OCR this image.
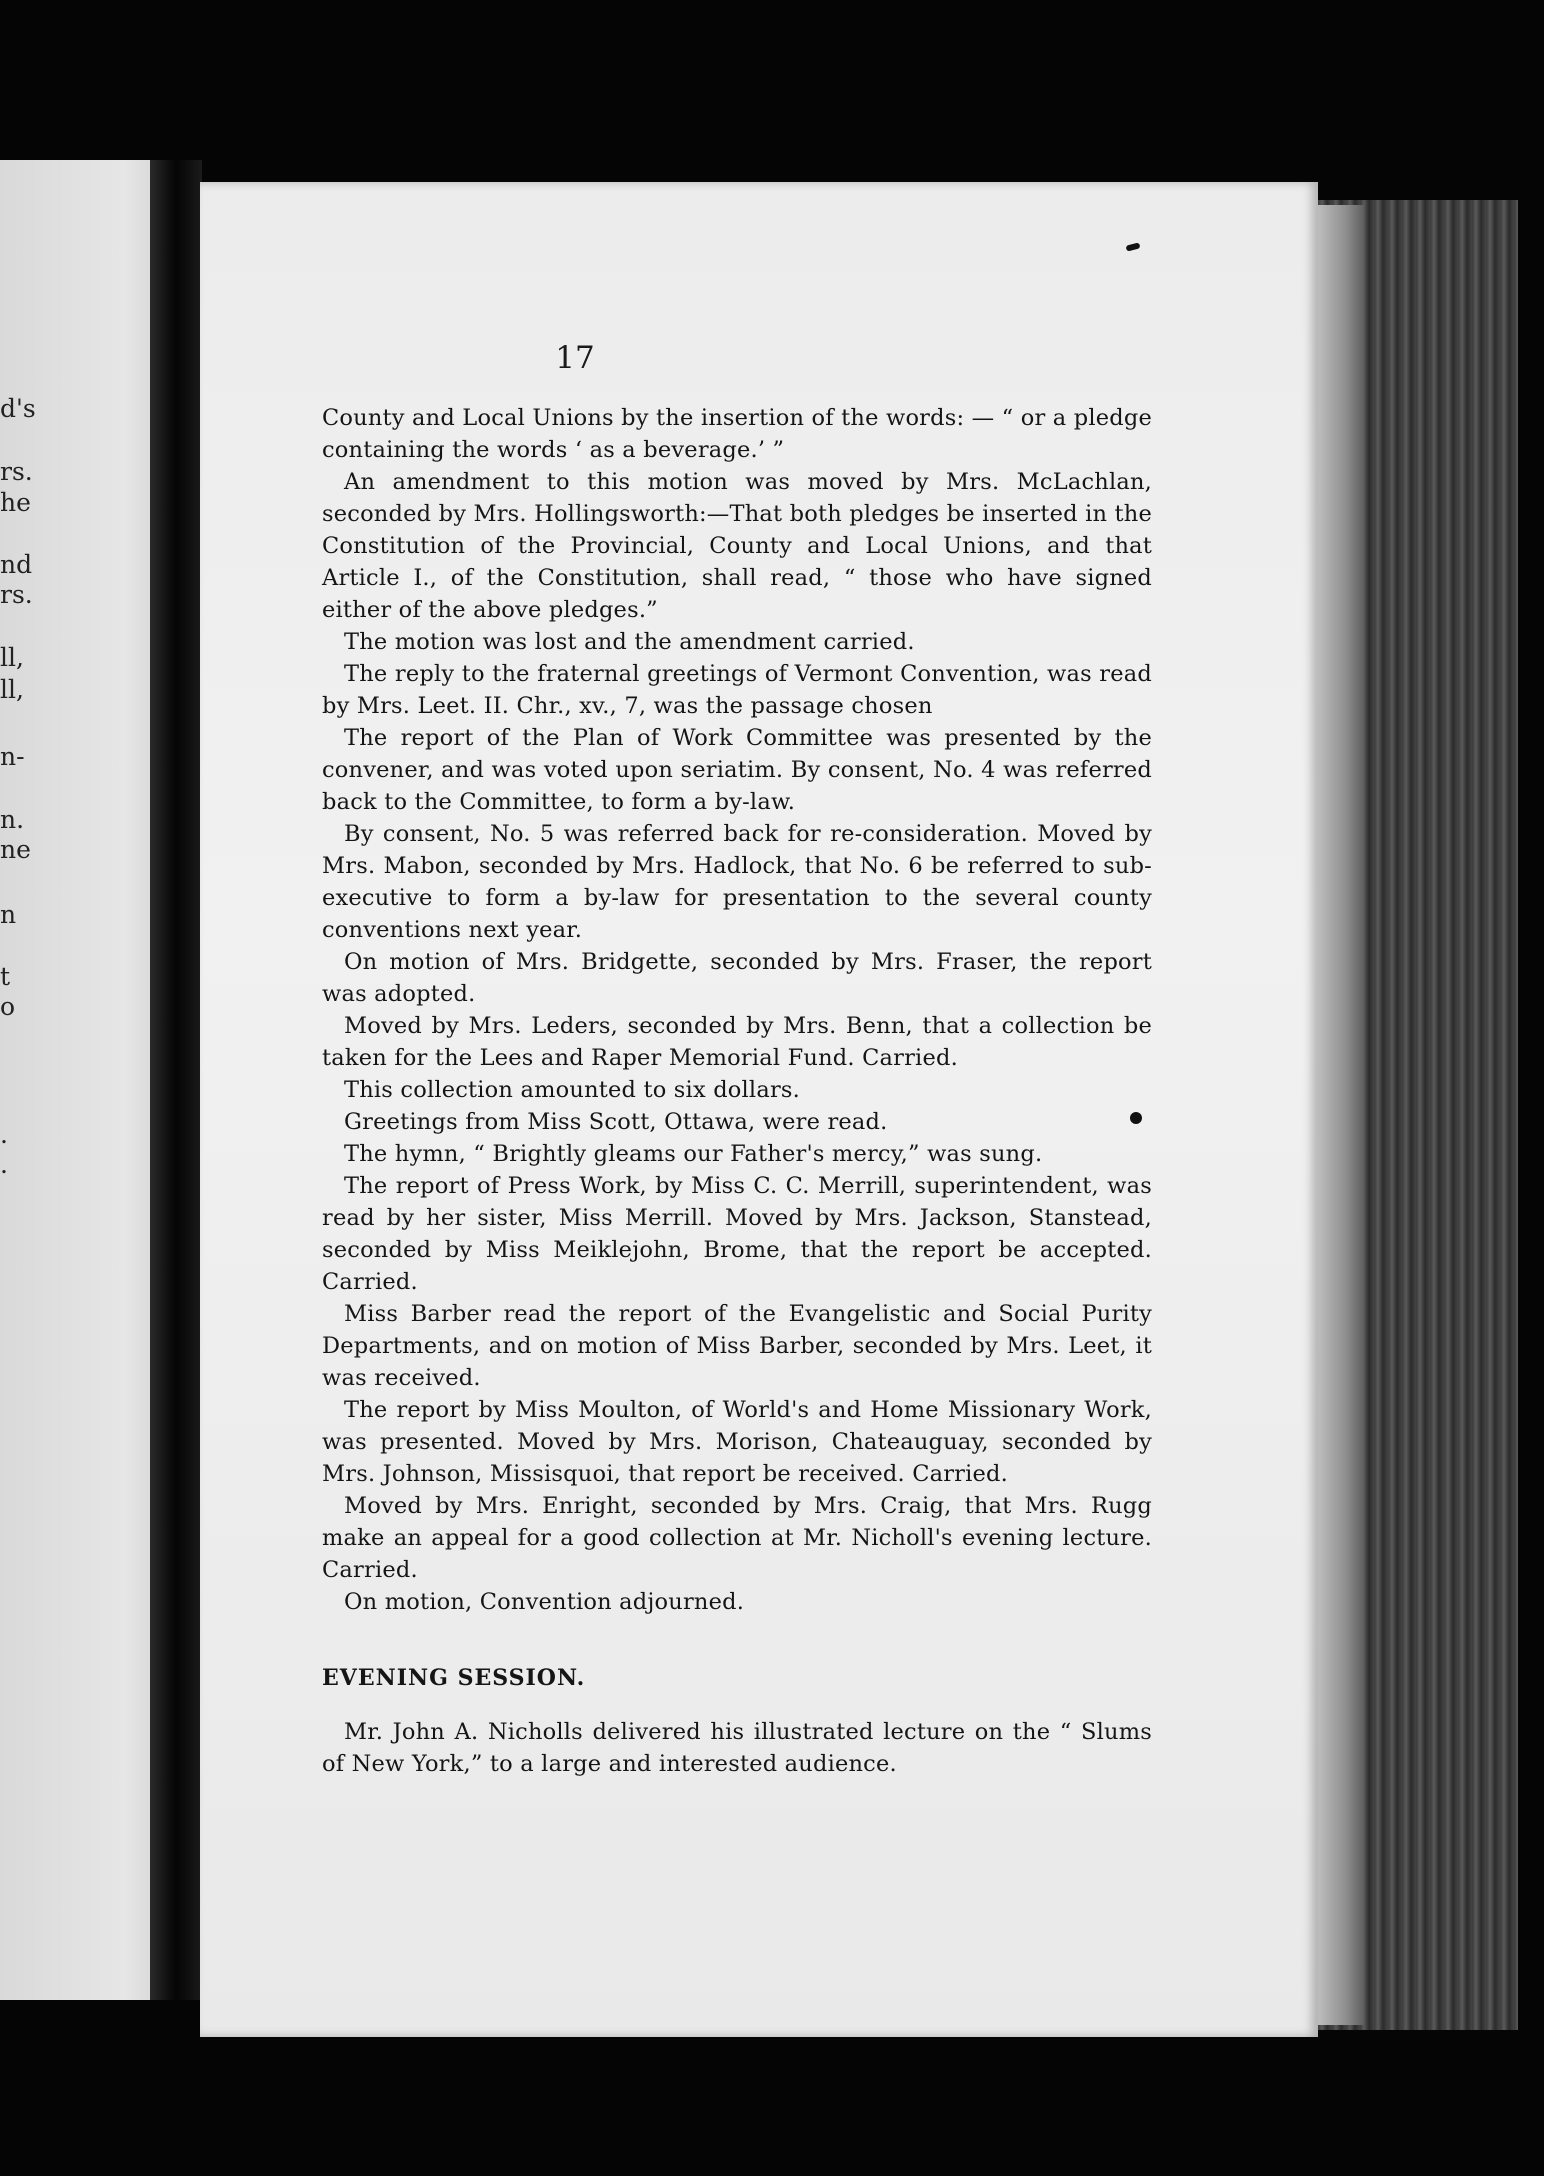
d's
rs.
he
nd
rs.
ll,
ll,
n-
n.
ne
n
t
o
.
.
17

County and Local Unions by the insertion of the words: — “ or a pledge containing the words ‘ as a beverage.’ ”

An amendment to this motion was moved by Mrs. McLachlan, seconded by Mrs. Hollingsworth:—That both pledges be inserted in the Constitution of the Provincial, County and Local Unions, and that Article I., of the Constitution, shall read, “ those who have signed either of the above pledges.”

The motion was lost and the amendment carried.

The reply to the fraternal greetings of Vermont Convention, was read by Mrs. Leet. II. Chr., xv., 7, was the passage chosen

The report of the Plan of Work Committee was presented by the convener, and was voted upon seriatim. By consent, No. 4 was referred back to the Committee, to form a by-law.

By consent, No. 5 was referred back for re-consideration. Moved by Mrs. Mabon, seconded by Mrs. Hadlock, that No. 6 be referred to sub-executive to form a by-law for presentation to the several county conventions next year.

On motion of Mrs. Bridgette, seconded by Mrs. Fraser, the report was adopted.

Moved by Mrs. Leders, seconded by Mrs. Benn, that a collection be taken for the Lees and Raper Memorial Fund. Carried.

This collection amounted to six dollars.

Greetings from Miss Scott, Ottawa, were read.

The hymn, “ Brightly gleams our Father's mercy,” was sung.

The report of Press Work, by Miss C. C. Merrill, superintendent, was read by her sister, Miss Merrill. Moved by Mrs. Jackson, Stanstead, seconded by Miss Meiklejohn, Brome, that the report be accepted. Carried.

Miss Barber read the report of the Evangelistic and Social Purity Departments, and on motion of Miss Barber, seconded by Mrs. Leet, it was received.

The report by Miss Moulton, of World's and Home Missionary Work, was presented. Moved by Mrs. Morison, Chateauguay, seconded by Mrs. Johnson, Missisquoi, that report be received. Carried.

Moved by Mrs. Enright, seconded by Mrs. Craig, that Mrs. Rugg make an appeal for a good collection at Mr. Nicholl's evening lecture. Carried.

On motion, Convention adjourned.

EVENING SESSION.

Mr. John A. Nicholls delivered his illustrated lecture on the “ Slums of New York,” to a large and interested audience.
